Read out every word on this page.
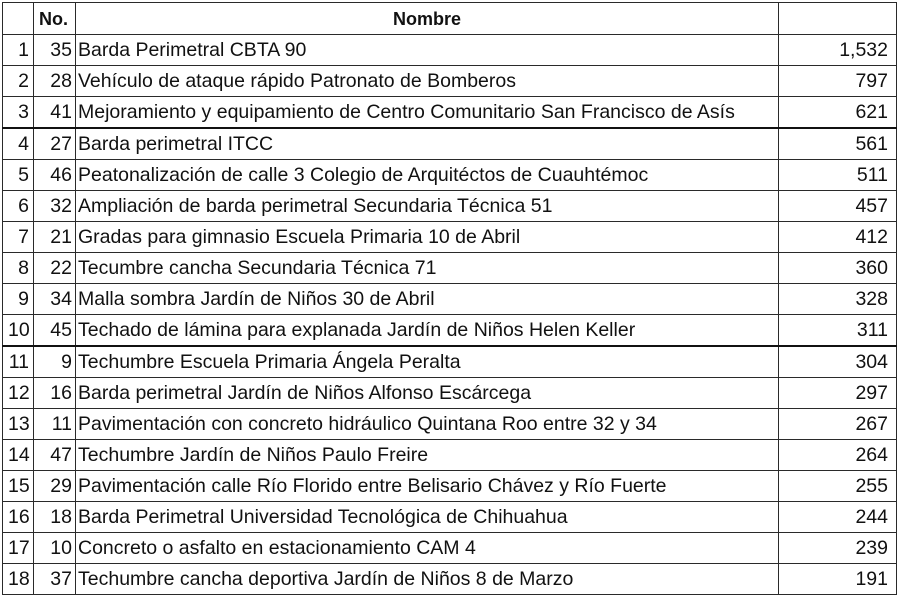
	No.	Nombre	
1	35	Barda Perimetral CBTA 90	1,532
2	28	Vehículo de ataque rápido Patronato de Bomberos	797
3	41	Mejoramiento y equipamiento de Centro Comunitario San Francisco de Asís	621
4	27	Barda perimetral ITCC	561
5	46	Peatonalización de calle 3 Colegio de Arquitéctos de Cuauhtémoc	511
6	32	Ampliación de barda perimetral Secundaria Técnica 51	457
7	21	Gradas para gimnasio Escuela Primaria 10 de Abril	412
8	22	Tecumbre cancha Secundaria Técnica 71	360
9	34	Malla sombra Jardín de Niños 30 de Abril	328
10	45	Techado de lámina para explanada Jardín de Niños Helen Keller	311
11	9	Techumbre Escuela Primaria Ángela Peralta	304
12	16	Barda perimetral Jardín de Niños Alfonso Escárcega	297
13	11	Pavimentación con concreto hidráulico Quintana Roo entre 32 y 34	267
14	47	Techumbre Jardín de Niños Paulo Freire	264
15	29	Pavimentación calle Río Florido entre Belisario Chávez y Río Fuerte	255
16	18	Barda Perimetral Universidad Tecnológica de Chihuahua	244
17	10	Concreto o asfalto en estacionamiento CAM 4	239
18	37	Techumbre cancha deportiva Jardín de Niños 8 de Marzo	191
